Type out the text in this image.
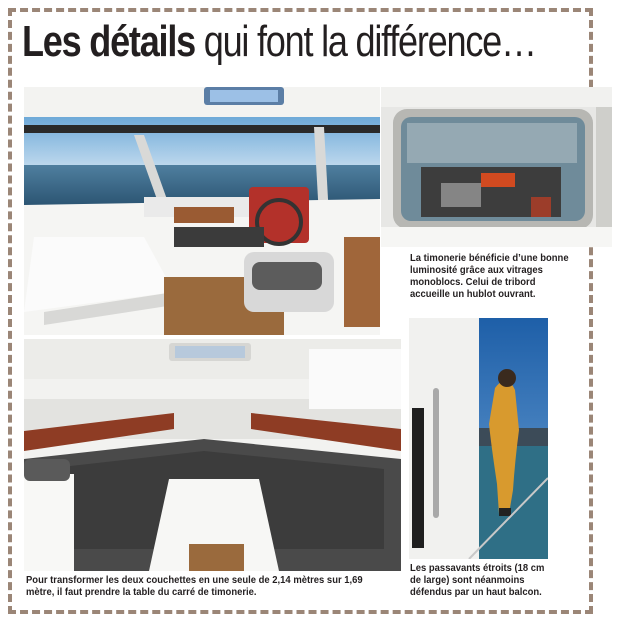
Les détails qui font la différence…
La timonerie bénéficie d’une bonne luminosité grâce aux vitrages monoblocs. Celui de tribord accueille un hublot ouvrant.
Pour transformer les deux couchettes en une seule de 2,14 mètres sur 1,69 mètre, il faut prendre la table du carré de timonerie.
Les passavants étroits (18 cm de large) sont néanmoins défendus par un haut balcon.
